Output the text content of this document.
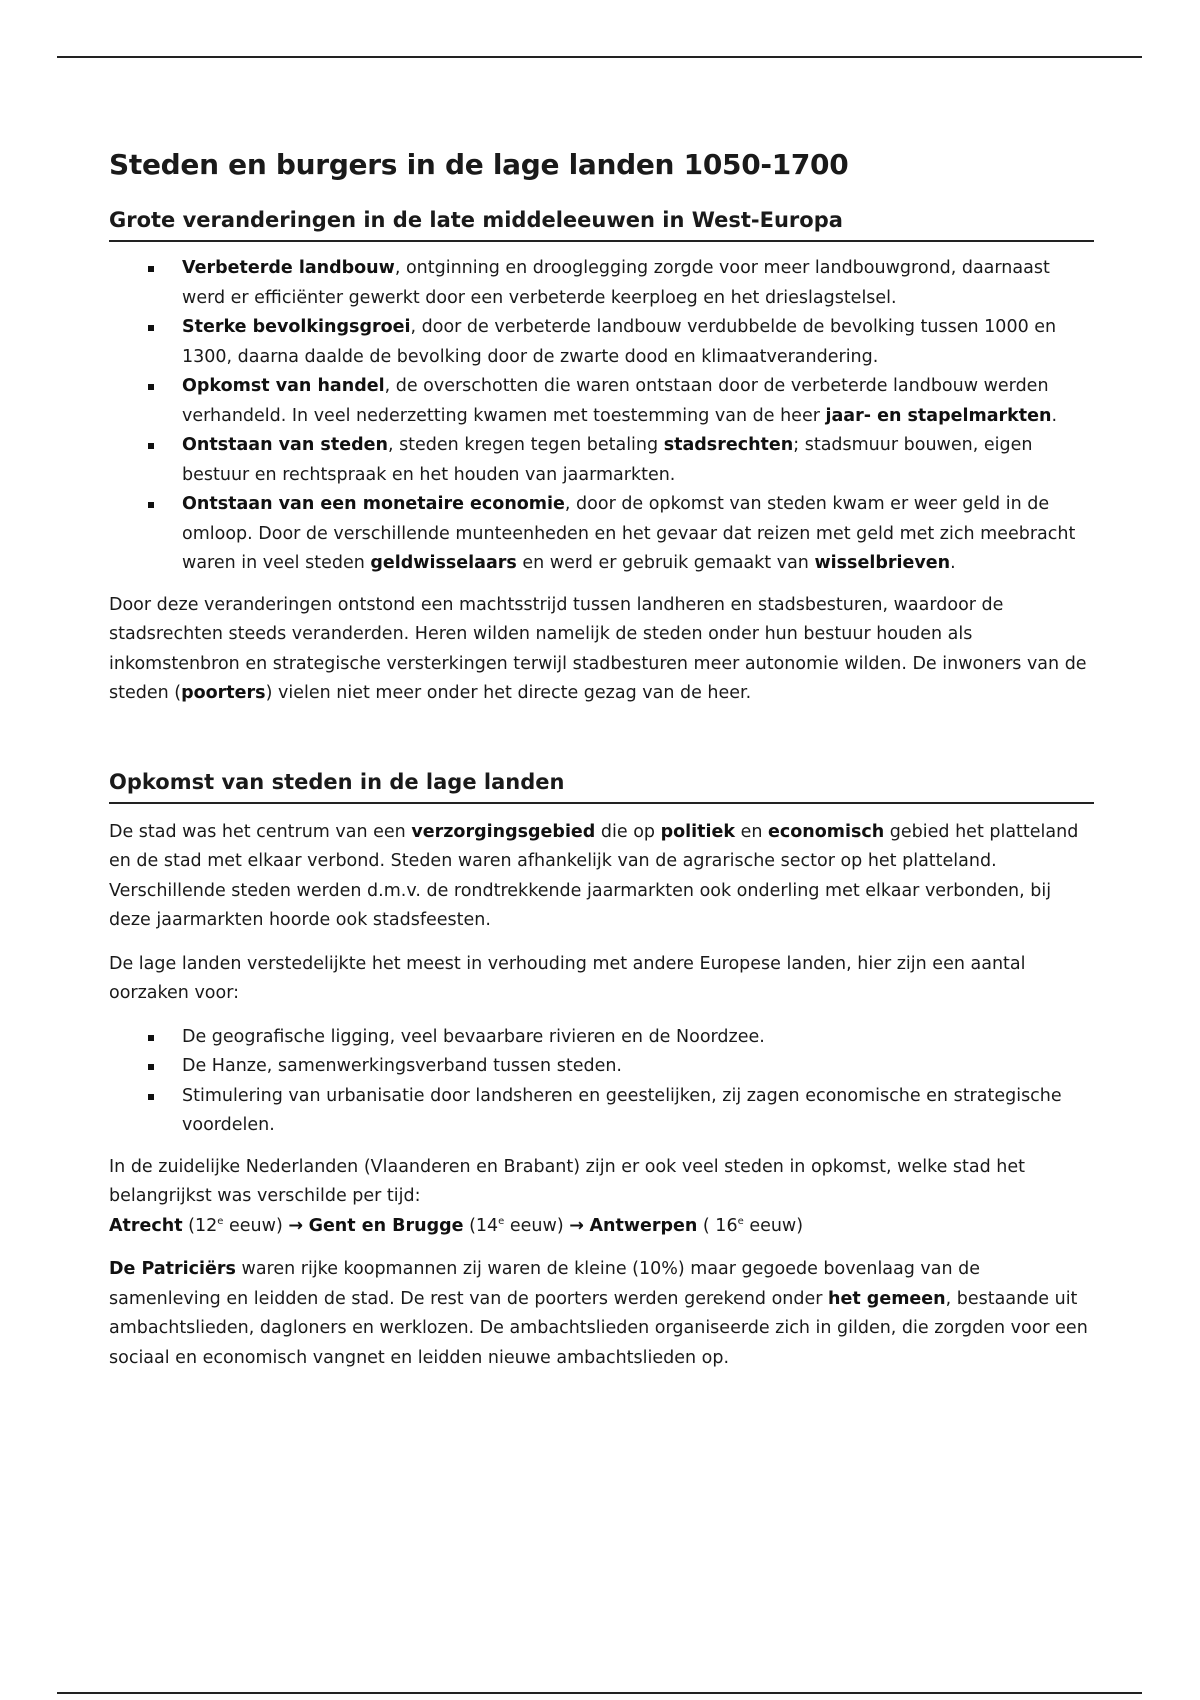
Steden en burgers in de lage landen 1050-1700
Grote veranderingen in de late middeleeuwen in West-Europa
Verbeterde landbouw, ontginning en drooglegging zorgde voor meer landbouwgrond, daarnaast werd er efficiënter gewerkt door een verbeterde keerploeg en het drieslagstelsel.
Sterke bevolkingsgroei, door de verbeterde landbouw verdubbelde de bevolking tussen 1000 en 1300, daarna daalde de bevolking door de zwarte dood en klimaatverandering.
Opkomst van handel, de overschotten die waren ontstaan door de verbeterde landbouw werden verhandeld. In veel nederzetting kwamen met toestemming van de heer jaar- en stapelmarkten.
Ontstaan van steden, steden kregen tegen betaling stadsrechten; stadsmuur bouwen, eigen bestuur en rechtspraak en het houden van jaarmarkten.
Ontstaan van een monetaire economie, door de opkomst van steden kwam er weer geld in de omloop. Door de verschillende munteenheden en het gevaar dat reizen met geld met zich meebracht waren in veel steden geldwisselaars en werd er gebruik gemaakt van wisselbrieven.

Door deze veranderingen ontstond een machtsstrijd tussen landheren en stadsbesturen, waardoor de stadsrechten steeds veranderden. Heren wilden namelijk de steden onder hun bestuur houden als inkomstenbron en strategische versterkingen terwijl stadbesturen meer autonomie wilden. De inwoners van de steden (poorters) vielen niet meer onder het directe gezag van de heer.

Opkomst van steden in de lage landen

De stad was het centrum van een verzorgingsgebied die op politiek en economisch gebied het platteland en de stad met elkaar verbond. Steden waren afhankelijk van de agrarische sector op het platteland. Verschillende steden werden d.m.v. de rondtrekkende jaarmarkten ook onderling met elkaar verbonden, bij deze jaarmarkten hoorde ook stadsfeesten.

De lage landen verstedelijkte het meest in verhouding met andere Europese landen, hier zijn een aantal oorzaken voor:

De geografische ligging, veel bevaarbare rivieren en de Noordzee.
De Hanze, samenwerkingsverband tussen steden.
Stimulering van urbanisatie door landsheren en geestelijken, zij zagen economische en strategische voordelen.

In de zuidelijke Nederlanden (Vlaanderen en Brabant) zijn er ook veel steden in opkomst, welke stad het belangrijkst was verschilde per tijd:
Atrecht (12e eeuw) → Gent en Brugge (14e eeuw) → Antwerpen ( 16e eeuw)

De Patriciërs waren rijke koopmannen zij waren de kleine (10%) maar gegoede bovenlaag van de samenleving en leidden de stad. De rest van de poorters werden gerekend onder het gemeen, bestaande uit ambachtslieden, dagloners en werklozen. De ambachtslieden organiseerde zich in gilden, die zorgden voor een sociaal en economisch vangnet en leidden nieuwe ambachtslieden op.
